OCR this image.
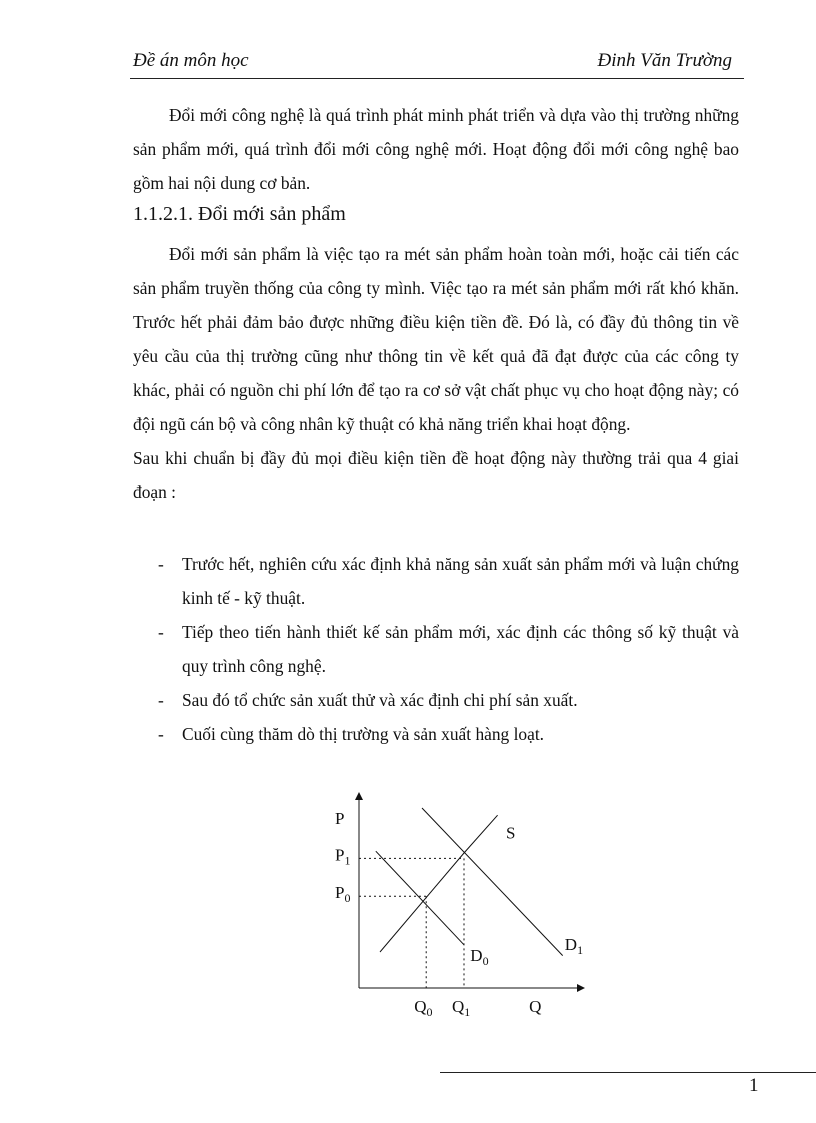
Đề án môn học	Đinh Văn Trường

Đổi mới công nghệ là quá trình phát minh phát triển và dựa vào thị trường những sản phẩm mới, quá trình đổi mới công nghệ mới. Hoạt động đổi mới công nghệ bao gồm hai nội dung cơ bản.

1.1.2.1. Đổi mới sản phẩm

Đổi mới sản phẩm là việc tạo ra mét sản phẩm hoàn toàn mới, hoặc cải tiến các sản phẩm truyền thống của công ty mình. Việc tạo ra mét sản phẩm mới rất khó khăn. Trước hết phải đảm bảo được những điều kiện tiền đề. Đó là, có đầy đủ thông tin về yêu cầu của thị trường cũng như thông tin về kết quả đã đạt được của các công ty khác, phải có nguồn chi phí lớn để tạo ra cơ sở vật chất phục vụ cho hoạt động này; có đội ngũ cán bộ và công nhân kỹ thuật có khả năng triển khai hoạt động.

Sau khi chuẩn bị đầy đủ mọi điều kiện tiền đề hoạt động này thường trải qua 4 giai đoạn :

- Trước hết, nghiên cứu xác định khả năng sản xuất sản phẩm mới và luận chứng kinh tế - kỹ thuật.
- Tiếp theo tiến hành thiết kế sản phẩm mới, xác định các thông số kỹ thuật và quy trình công nghệ.
- Sau đó tổ chức sản xuất thử và xác định chi phí sản xuất.
- Cuối cùng thăm dò thị trường và sản xuất hàng loạt.
P
Q
S
$D_0$
$D_1$
$P_0$
$Q_0$
$P_1$
$Q_1$
1
